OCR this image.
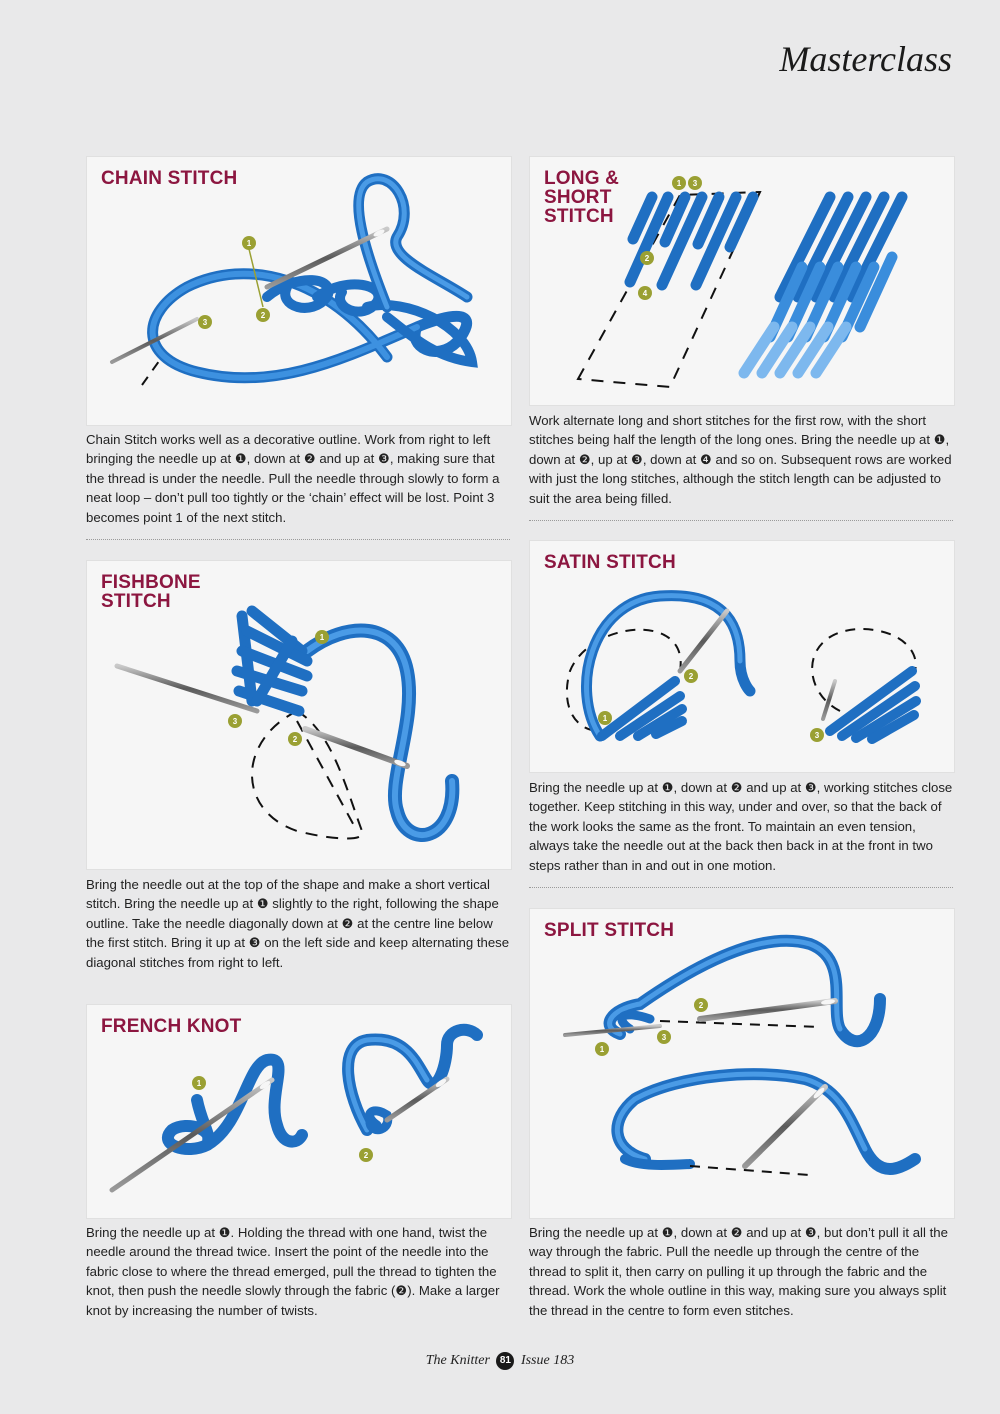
Masterclass
CHAIN STITCH
1
2
3
Chain Stitch works well as a decorative outline. Work from right to left bringing the needle up at ❶, down at ❷ and up at ❸, making sure that the thread is under the needle. Pull the needle through slowly to form a neat loop – don’t pull too tightly or the ‘chain’ effect will be lost. Point 3 becomes point 1 of the next stitch.
LONG &
SHORT
STITCH
1 3
2
4
Work alternate long and short stitches for the first row, with the short stitches being half the length of the long ones. Bring the needle up at ❶, down at ❷, up at ❸, down at ❹ and so on. Subsequent rows are worked with just the long stitches, although the stitch length can be adjusted to suit the area being filled.
FISHBONE
STITCH
1
3
2
Bring the needle out at the top of the shape and make a short vertical stitch. Bring the needle up at ❶ slightly to the right, following the shape outline. Take the needle diagonally down at ❷ at the centre line below the first stitch. Bring it up at ❸ on the left side and keep alternating these diagonal stitches from right to left.
SATIN STITCH
2
1
3
Bring the needle up at ❶, down at ❷ and up at ❸, working stitches close together. Keep stitching in this way, under and over, so that the back of the work looks the same as the front. To maintain an even tension, always take the needle out at the back then back in at the front in two steps rather than in and out in one motion.
FRENCH KNOT
1
2
Bring the needle up at ❶. Holding the thread with one hand, twist the needle around the thread twice. Insert the point of the needle into the fabric close to where the thread emerged, pull the thread to tighten the knot, then push the needle slowly through the fabric (❷). Make a larger knot by increasing the number of twists.
SPLIT STITCH
2
1
3
Bring the needle up at ❶, down at ❷ and up at ❸, but don’t pull it all the way through the fabric. Pull the needle up through the centre of the thread to split it, then carry on pulling it up through the fabric and the thread. Work the whole outline in this way, making sure you always split the thread in the centre to form even stitches.
The Knitter 81 Issue 183
